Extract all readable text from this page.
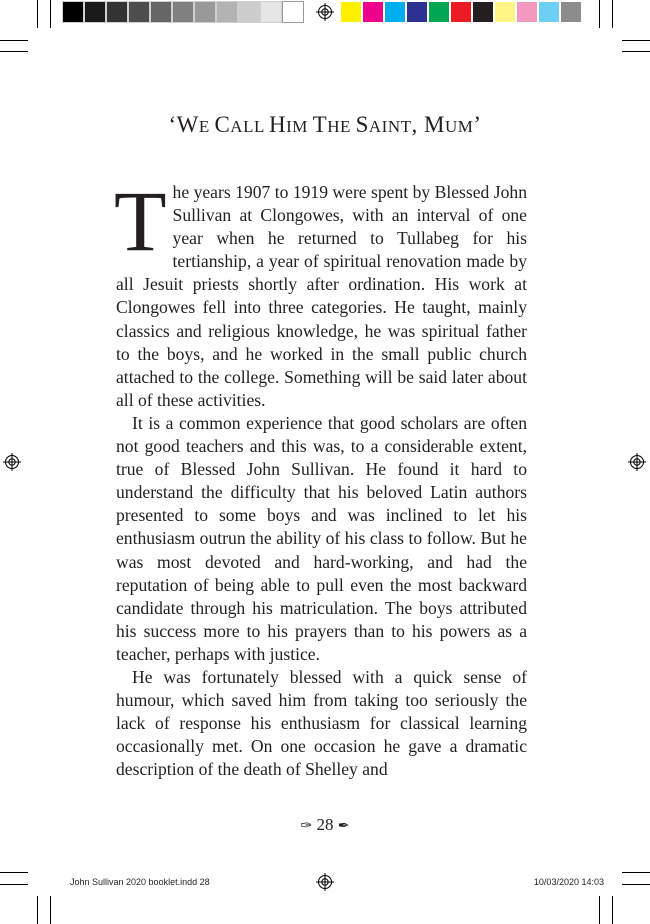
‘WE CALL HIM THE SAINT, MUM’

The years 1907 to 1919 were spent by Blessed John Sullivan at Clongowes, with an interval of one year when he returned to Tullabeg for his tertianship, a year of spiritual renovation made by all Jesuit priests shortly after ordination. His work at Clongowes fell into three categories. He taught, mainly classics and religious knowledge, he was spiritual father to the boys, and he worked in the small public church attached to the college. Something will be said later about all of these activities.

It is a common experience that good scholars are often not good teachers and this was, to a considerable extent, true of Blessed John Sullivan. He found it hard to understand the difficulty that his beloved Latin authors presented to some boys and was inclined to let his enthusiasm outrun the ability of his class to follow. But he was most devoted and hard-working, and had the reputation of being able to pull even the most backward candidate through his matriculation. The boys attributed his success more to his prayers than to his powers as a teacher, perhaps with justice.

He was fortunately blessed with a quick sense of humour, which saved him from taking too seriously the lack of response his enthusiasm for classical learning occasionally met. On one occasion he gave a dramatic description of the death of Shelley and

✑ 28 ✒
John Sullivan 2020 booklet.indd 28	10/03/2020 14:03
